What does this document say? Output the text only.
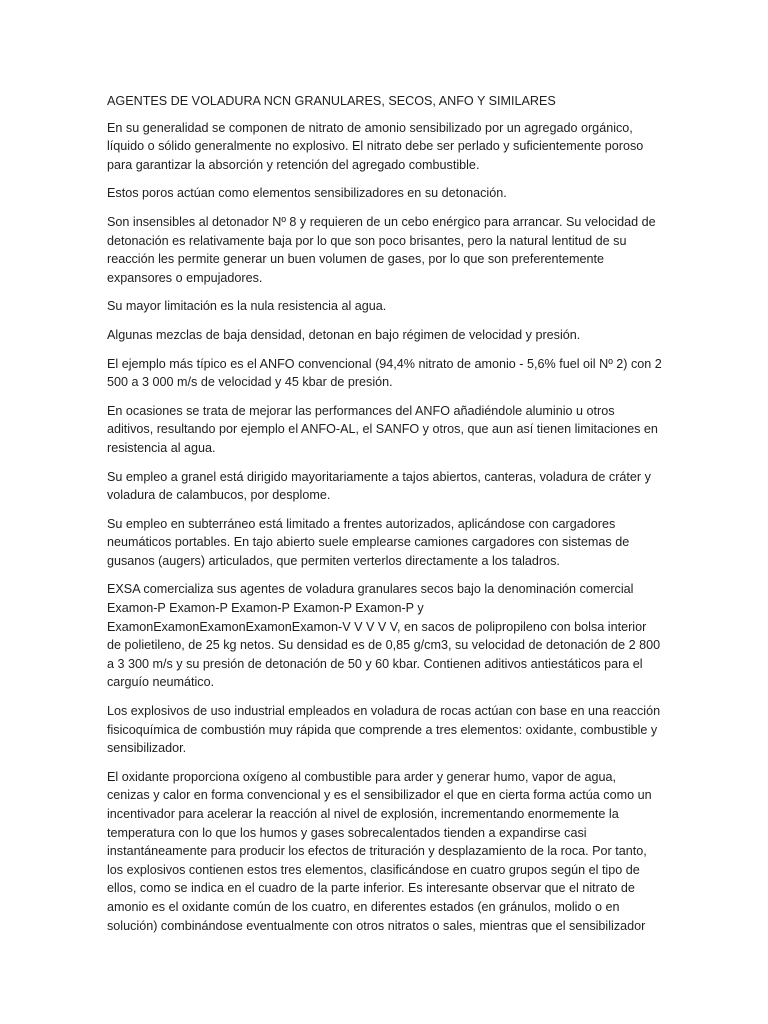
AGENTES DE VOLADURA NCN GRANULARES, SECOS, ANFO Y SIMILARES

En su generalidad se componen de nitrato de amonio sensibilizado por un agregado orgánico, líquido o sólido generalmente no explosivo. El nitrato debe ser perlado y suficientemente poroso para garantizar la absorción y retención del agregado combustible.

Estos poros actúan como elementos sensibilizadores en su detonación.

Son insensibles al detonador Nº 8 y requieren de un cebo enérgico para arrancar. Su velocidad de detonación es relativamente baja por lo que son poco brisantes, pero la natural lentitud de su reacción les permite generar un buen volumen de gases, por lo que son preferentemente expansores o empujadores.

Su mayor limitación es la nula resistencia al agua.

Algunas mezclas de baja densidad, detonan en bajo régimen de velocidad y presión.

El ejemplo más típico es el ANFO convencional (94,4% nitrato de amonio - 5,6% fuel oil Nº 2) con 2 500 a 3 000 m/s de velocidad y 45 kbar de presión.

En ocasiones se trata de mejorar las performances del ANFO añadiéndole aluminio u otros aditivos, resultando por ejemplo el ANFO-AL, el SANFO y otros, que aun así tienen limitaciones en resistencia al agua.

Su empleo a granel está dirigido mayoritariamente a tajos abiertos, canteras, voladura de cráter y voladura de calambucos, por desplome.

Su empleo en subterráneo está limitado a frentes autorizados, aplicándose con cargadores neumáticos portables. En tajo abierto suele emplearse camiones cargadores con sistemas de gusanos (augers) articulados, que permiten verterlos directamente a los taladros.

EXSA comercializa sus agentes de voladura granulares secos bajo la denominación comercial Examon-P Examon-P Examon-P Examon-P Examon-P y ExamonExamonExamonExamonExamon-V V V V V, en sacos de polipropileno con bolsa interior de polietileno, de 25 kg netos. Su densidad es de 0,85 g/cm3, su velocidad de detonación de 2 800 a 3 300 m/s y su presión de detonación de 50 y 60 kbar. Contienen aditivos antiestáticos para el carguío neumático.

Los explosivos de uso industrial empleados en voladura de rocas actúan con base en una reacción fisicoquímica de combustión muy rápida que comprende a tres elementos: oxidante, combustible y sensibilizador.

El oxidante proporciona oxígeno al combustible para arder y generar humo, vapor de agua, cenizas y calor en forma convencional y es el sensibilizador el que en cierta forma actúa como un incentivador para acelerar la reacción al nivel de explosión, incrementando enormemente la temperatura con lo que los humos y gases sobrecalentados tienden a expandirse casi instantáneamente para producir los efectos de trituración y desplazamiento de la roca. Por tanto, los explosivos contienen estos tres elementos, clasificándose en cuatro grupos según el tipo de ellos, como se indica en el cuadro de la parte inferior. Es interesante observar que el nitrato de amonio es el oxidante común de los cuatro, en diferentes estados (en gránulos, molido o en solución) combinándose eventualmente con otros nitratos o sales, mientras que el sensibilizador
